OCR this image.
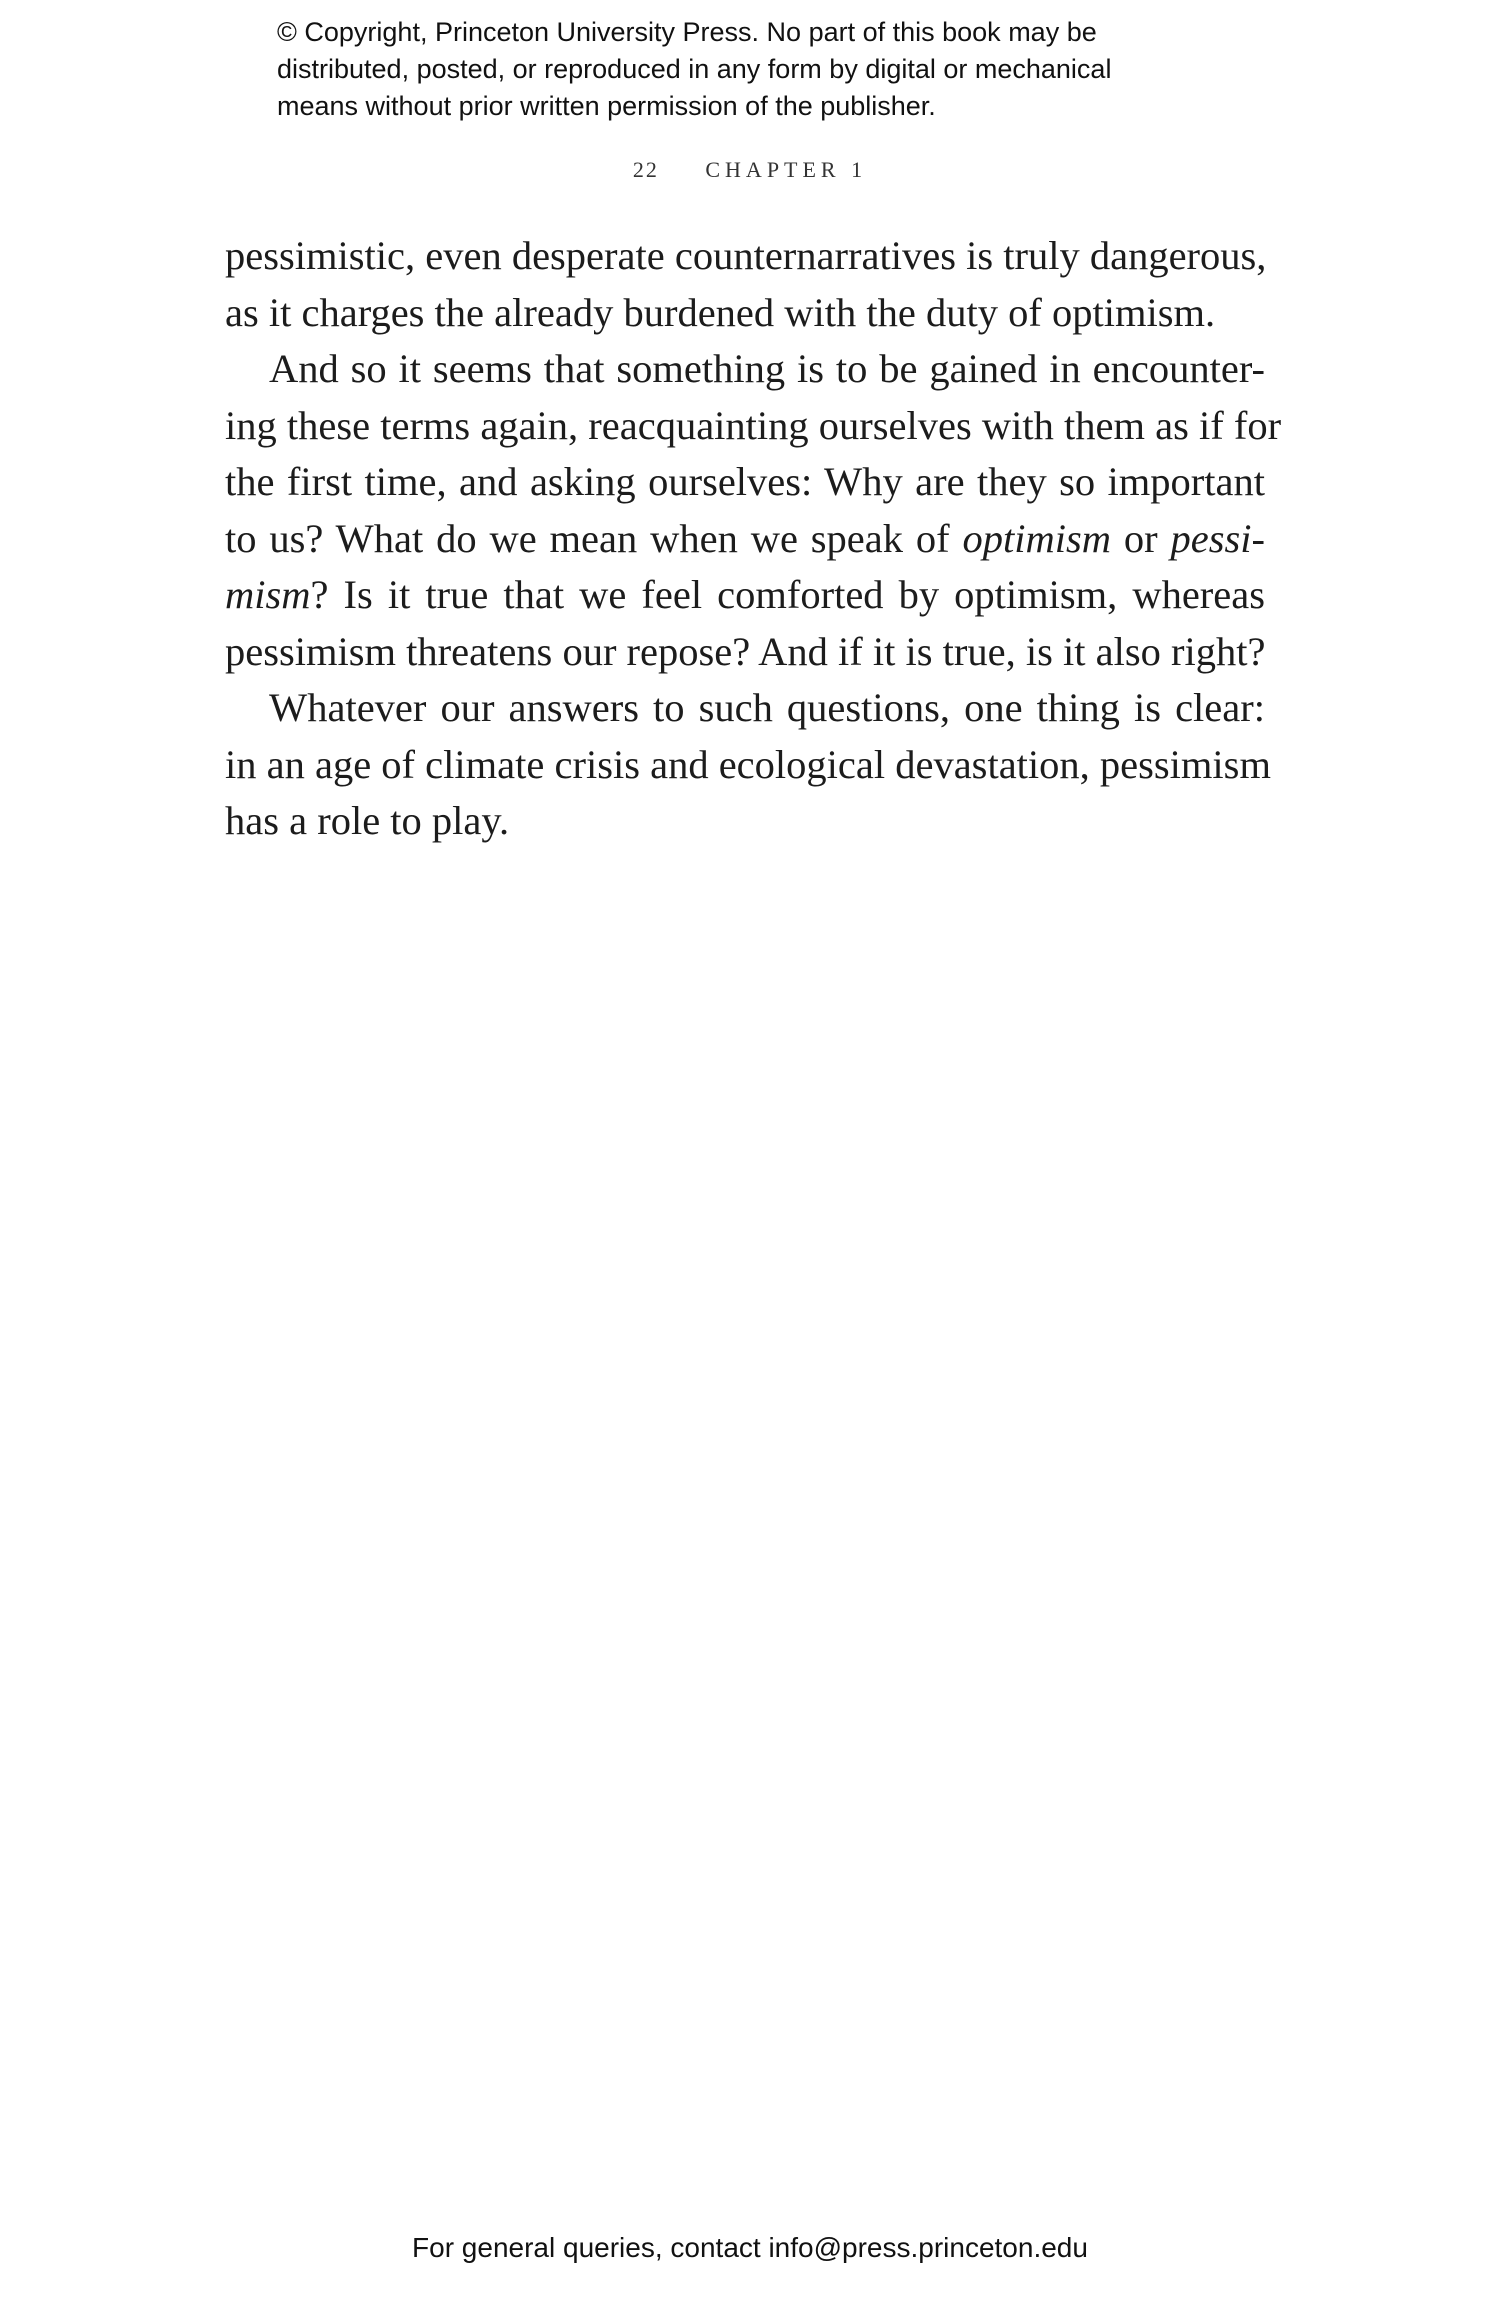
© Copyright, Princeton University Press. No part of this book may be
distributed, posted, or reproduced in any form by digital or mechanical
means without prior written permission of the publisher.
22 CHAPTER 1
pessimistic, even desperate counternarratives is truly dangerous,
as it charges the already burdened with the duty of optimism.
And so it seems that something is to be gained in encounter-
ing these terms again, reacquainting ourselves with them as if for
the first time, and asking ourselves: Why are they so important
to us? What do we mean when we speak of optimism or pessi-
mism? Is it true that we feel comforted by optimism, whereas
pessimism threatens our repose? And if it is true, is it also right?
Whatever our answers to such questions, one thing is clear:
in an age of climate crisis and ecological devastation, pessimism
has a role to play.
For general queries, contact info@press.princeton.edu
